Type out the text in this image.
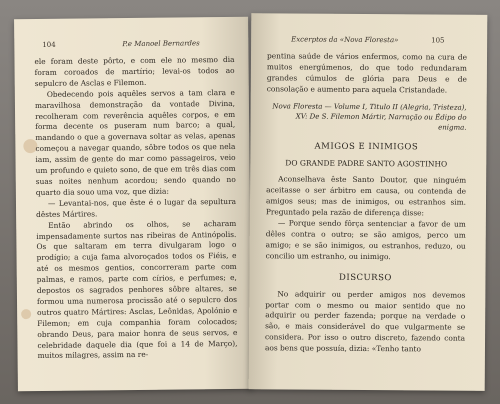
104	P.e Manoel Bernardes

ele foram deste pôrto, e com ele no mesmo dia foram coroados de martírio; levai-os todos ao sepulcro de Asclas e Filemon.

Obedecendo pois aquêles servos a tam clara e maravilhosa demonstração da vontade Divina, recolheram com reverência aquêles corpos, e em forma decente os puseram num barco; a qual, mandando o que a governava soltar as velas, apenas começou a navegar quando, sôbre todos os que nela iam, assim de gente do mar como passageiros, veio um profundo e quieto sono, de que em três dias com suas noites nenhum acordou; sendo quando no quarto dia souo uma voz, que dizia:

— Levantai-nos, que êste é o lugar da sepultura dêstes Mártires.

Então abrindo os olhos, se acharam impensadamente surtos nas ribeiras de Antinópolis. Os que saltaram em terra divulgaram logo o prodígio; a cuja fama alvoroçados todos os Fiéis, e até os mesmos gentios, concorreram parte com palmas, e ramos, parte com círios, e perfumes; e, depostos os sagrados penhores sôbre altares, se formou uma numerosa procissão até o sepulcro dos outros quatro Mártires: Asclas, Leônidas, Apolónio e Filemon; em cuja companhia foram colocados; obrando Deus, para maior honra de seus servos, e celebridade daquele dia (que foi a 14 de Março), muitos milagres, assim na re-

Excerptos da «Nova Floresta»	105

pentina saúde de vários enfermos, como na cura de muitos energúmenos, do que todo redundaram grandes cúmulos de glória para Deus e de consolação e aumento para aquela Cristandade.

Nova Floresta — Volume I, Titulo II (Alegria, Tristeza), XV: De S. Filemon Mártir, Narração ou Édipo do enigma.

AMIGOS E INIMIGOS
DO GRANDE PADRE SANTO AGOSTINHO

Aconselhava êste Santo Doutor, que ninguém aceitasse o ser árbitro em causa, ou contenda de amigos seus; mas de inimigos, ou estranhos sim. Preguntado pela razão de diferença disse:

— Porque sendo fôrça sentenciar a favor de um dêles contra o outro; se são amigos, perco um amigo; e se são inimigos, ou estranhos, reduzo, ou concilio um estranho, ou inimigo.

DISCURSO

No adquirir ou perder amigos nos devemos portar com o mesmo ou maior sentido que no adquirir ou perder fazenda; porque na verdade o são, e mais considerável do que vulgarmente se considera. Por isso o outro discreto, fazendo conta aos bens que possuía, dizia: «Tenho tanto
